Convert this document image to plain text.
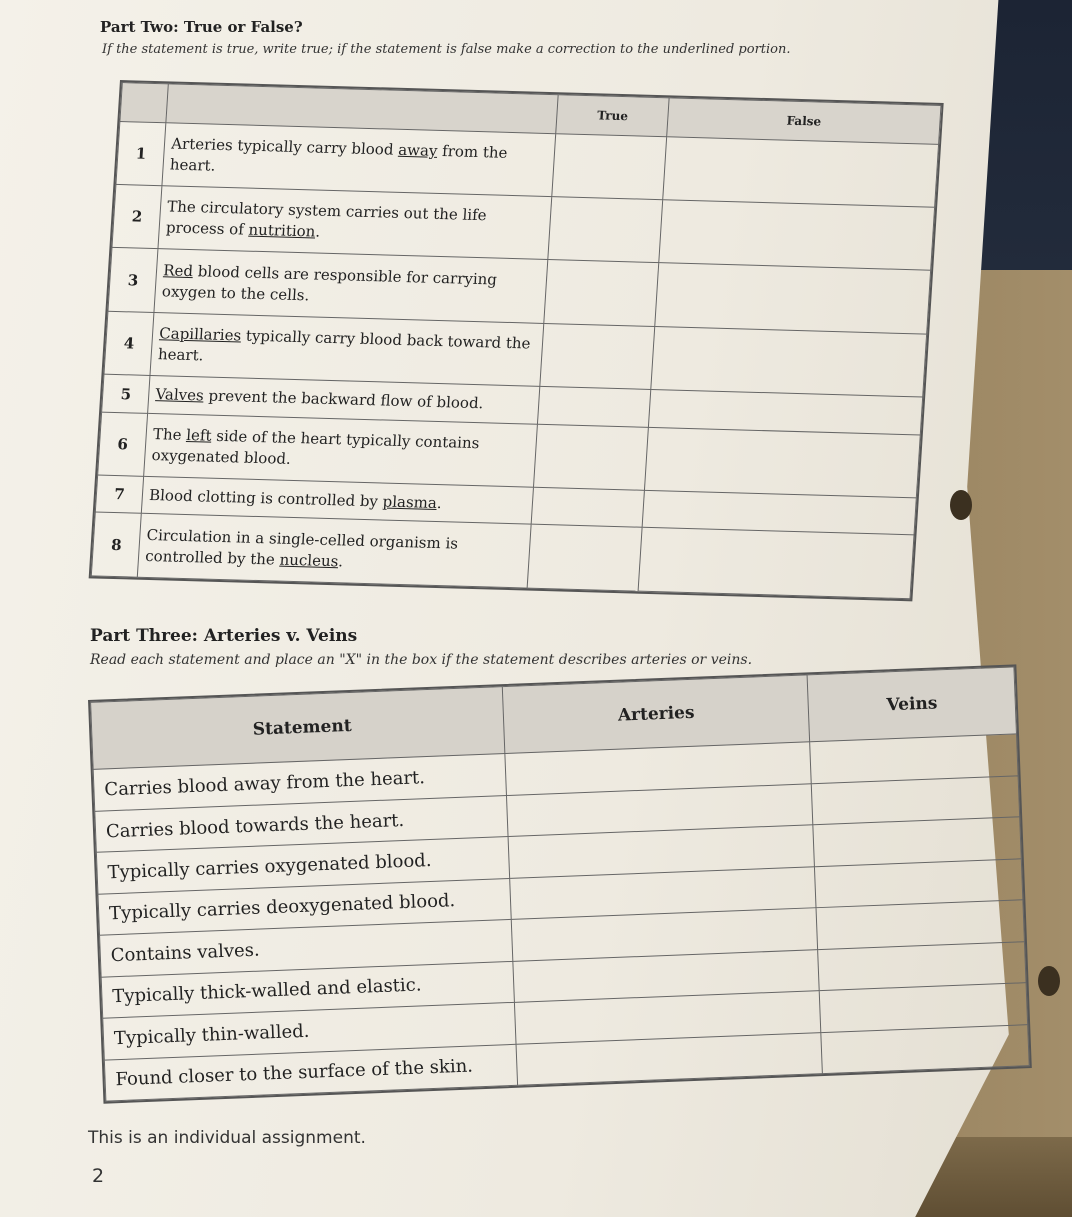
Part Two: True or False?
If the statement is true, write true; if the statement is false make a correction to the underlined portion.
		True	False
1	Arteries typically carry blood away from the heart.		
2	The circulatory system carries out the life process of nutrition.		
3	Red blood cells are responsible for carrying oxygen to the cells.		
4	Capillaries typically carry blood back toward the heart.		
5	Valves prevent the backward flow of blood.		
6	The left side of the heart typically contains oxygenated blood.		
7	Blood clotting is controlled by plasma.		
8	Circulation in a single-celled organism is controlled by the nucleus.		
Part Three: Arteries v. Veins
Read each statement and place an "X" in the box if the statement describes arteries or veins.
Statement	Arteries	Veins
Carries blood away from the heart.		
Carries blood towards the heart.		
Typically carries oxygenated blood.		
Typically carries deoxygenated blood.		
Contains valves.		
Typically thick-walled and elastic.		
Typically thin-walled.		
Found closer to the surface of the skin.		
This is an individual assignment.
2
